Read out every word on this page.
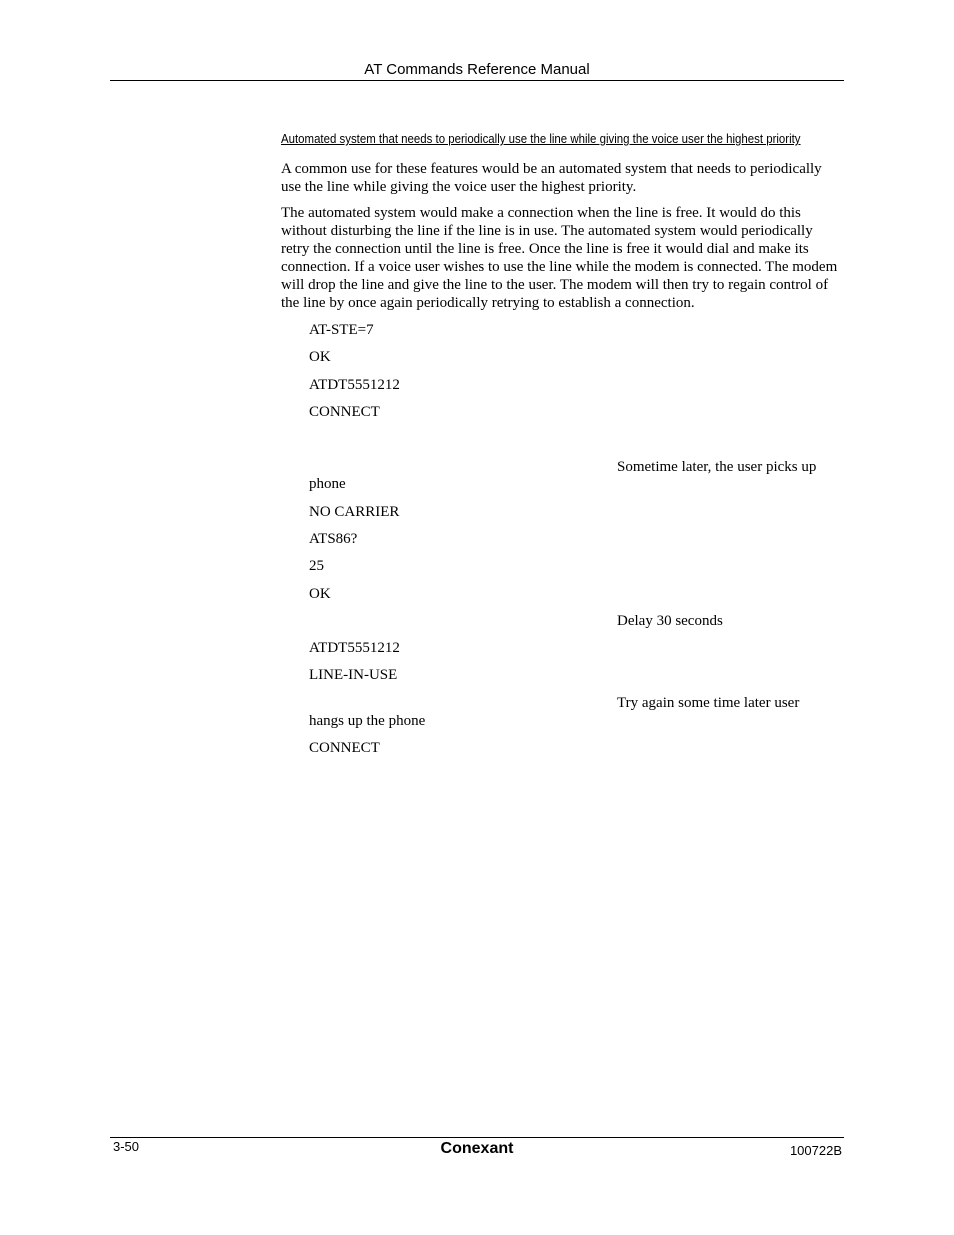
AT Commands Reference Manual
Automated system that needs to periodically use the line while giving the voice user the highest priority

A common use for these features would be an automated system that needs to periodically use the line while giving the voice user the highest priority.

The automated system would make a connection when the line is free. It would do this without disturbing the line if the line is in use. The automated system would periodically retry the connection until the line is free. Once the line is free it would dial and make its connection. If a voice user wishes to use the line while the modem is connected. The modem will drop the line and give the line to the user. The modem will then try to regain control of the line by once again periodically retrying to establish a connection.

AT-STE=7
OK
ATDT5551212
CONNECT
Sometime later, the user picks up
phone
NO CARRIER
ATS86?
25
OK
Delay 30 seconds
ATDT5551212
LINE-IN-USE
Try again some time later user
hangs up the phone
CONNECT
3-50	Conexant	100722B
